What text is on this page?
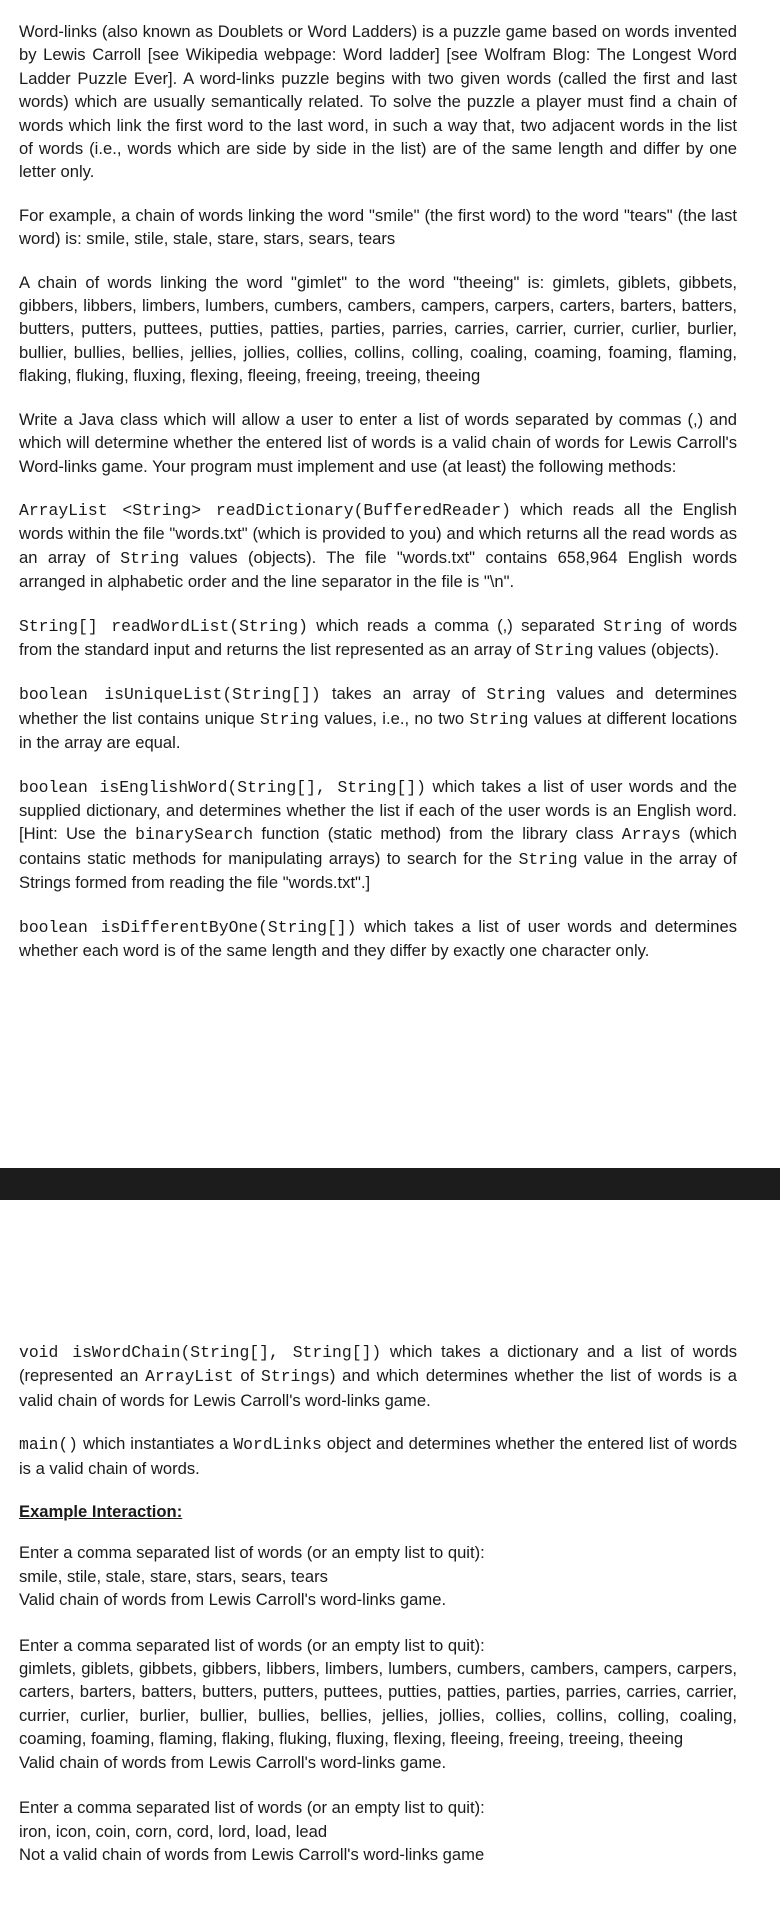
Word-links (also known as Doublets or Word Ladders) is a puzzle game based on words invented by Lewis Carroll [see Wikipedia webpage: Word ladder] [see Wolfram Blog: The Longest Word Ladder Puzzle Ever]. A word-links puzzle begins with two given words (called the first and last words) which are usually semantically related. To solve the puzzle a player must find a chain of words which link the first word to the last word, in such a way that, two adjacent words in the list of words (i.e., words which are side by side in the list) are of the same length and differ by one letter only.

For example, a chain of words linking the word "smile" (the first word) to the word "tears" (the last word) is: smile, stile, stale, stare, stars, sears, tears

A chain of words linking the word "gimlet" to the word "theeing" is: gimlets, giblets, gibbets, gibbers, libbers, limbers, lumbers, cumbers, cambers, campers, carpers, carters, barters, batters, butters, putters, puttees, putties, patties, parties, parries, carries, carrier, currier, curlier, burlier, bullier, bullies, bellies, jellies, jollies, collies, collins, colling, coaling, coaming, foaming, flaming, flaking, fluking, fluxing, flexing, fleeing, freeing, treeing, theeing

Write a Java class which will allow a user to enter a list of words separated by commas (,) and which will determine whether the entered list of words is a valid chain of words for Lewis Carroll's Word-links game. Your program must implement and use (at least) the following methods:

ArrayList <String> readDictionary(BufferedReader) which reads all the English words within the file "words.txt" (which is provided to you) and which returns all the read words as an array of String values (objects). The file "words.txt" contains 658,964 English words arranged in alphabetic order and the line separator in the file is "\n".

String[] readWordList(String) which reads a comma (,) separated String of words from the standard input and returns the list represented as an array of String values (objects).

boolean isUniqueList(String[]) takes an array of String values and determines whether the list contains unique String values, i.e., no two String values at different locations in the array are equal.

boolean isEnglishWord(String[], String[]) which takes a list of user words and the supplied dictionary, and determines whether the list if each of the user words is an English word. [Hint: Use the binarySearch function (static method) from the library class Arrays (which contains static methods for manipulating arrays) to search for the String value in the array of Strings formed from reading the file "words.txt".]

boolean isDifferentByOne(String[]) which takes a list of user words and determines whether each word is of the same length and they differ by exactly one character only.

void isWordChain(String[], String[]) which takes a dictionary and a list of words (represented an ArrayList of Strings) and which determines whether the list of words is a valid chain of words for Lewis Carroll's word-links game.

main() which instantiates a WordLinks object and determines whether the entered list of words is a valid chain of words.

Example Interaction:

Enter a comma separated list of words (or an empty list to quit):
smile, stile, stale, stare, stars, sears, tears
Valid chain of words from Lewis Carroll's word-links game.
Enter a comma separated list of words (or an empty list to quit):
gimlets, giblets, gibbets, gibbers, libbers, limbers, lumbers, cumbers, cambers, campers, carpers, carters, barters, batters, butters, putters, puttees, putties, patties, parties, parries, carries, carrier, currier, curlier, burlier, bullier, bullies, bellies, jellies, jollies, collies, collins, colling, coaling, coaming, foaming, flaming, flaking, fluking, fluxing, flexing, fleeing, freeing, treeing, theeing
Valid chain of words from Lewis Carroll's word-links game.
Enter a comma separated list of words (or an empty list to quit):
iron, icon, coin, corn, cord, lord, load, lead
Not a valid chain of words from Lewis Carroll's word-links game
